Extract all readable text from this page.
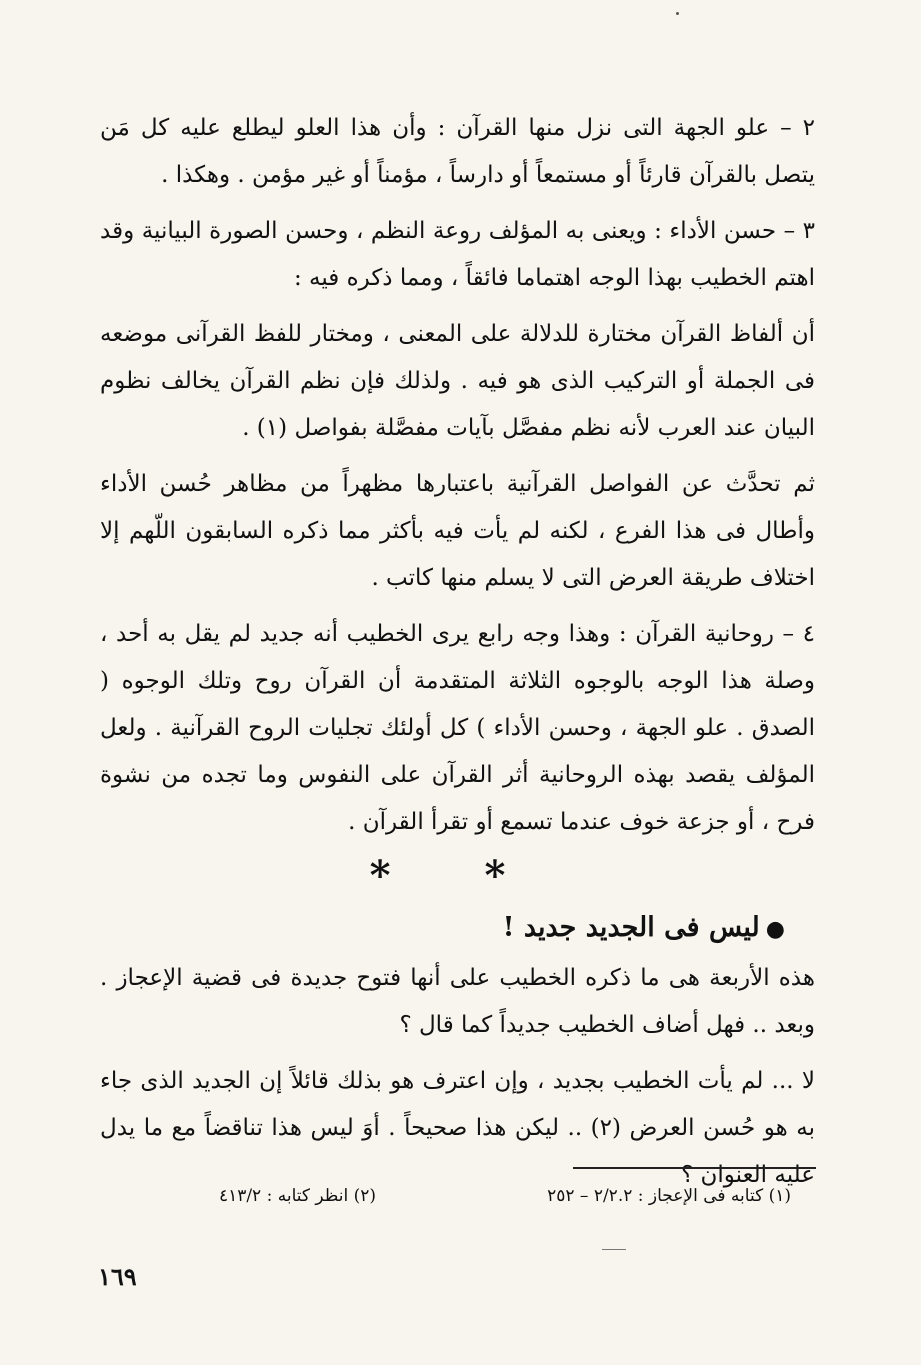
٢ – علو الجهة التى نزل منها القرآن : وأن هذا العلو ليطلع عليه كل مَن يتصل بالقرآن قارئاً أو مستمعاً أو دارساً ، مؤمناً أو غير مؤمن . وهكذا .

٣ – حسن الأداء : ويعنى به المؤلف روعة النظم ، وحسن الصورة البيانية وقد اهتم الخطيب بهذا الوجه اهتماما فائقاً ، ومما ذكره فيه :

أن ألفاظ القرآن مختارة للدلالة على المعنى ، ومختار للفظ القرآنى موضعه فى الجملة أو التركيب الذى هو فيه . ولذلك فإن نظم القرآن يخالف نظوم البيان عند العرب لأنه نظم مفصَّل بآيات مفصَّلة بفواصل (١) .

ثم تحدَّث عن الفواصل القرآنية باعتبارها مظهراً من مظاهر حُسن الأداء وأطال فى هذا الفرع ، لكنه لم يأت فيه بأكثر مما ذكره السابقون اللّهم إلا اختلاف طريقة العرض التى لا يسلم منها كاتب .

٤ – روحانية القرآن : وهذا وجه رابع يرى الخطيب أنه جديد لم يقل به أحد ، وصلة هذا الوجه بالوجوه الثلاثة المتقدمة أن القرآن روح وتلك الوجوه ( الصدق . علو الجهة ، وحسن الأداء ) كل أولئك تجليات الروح القرآنية . ولعل المؤلف يقصد بهذه الروحانية أثر القرآن على النفوس وما تجده من نشوة فرح ، أو جزعة خوف عندما تسمع أو تقرأ القرآن .

* *
●ليس فى الجديد جديد !

هذه الأربعة هى ما ذكره الخطيب على أنها فتوح جديدة فى قضية الإعجاز . وبعد .. فهل أضاف الخطيب جديداً كما قال ؟

لا ... لم يأت الخطيب بجديد ، وإن اعترف هو بذلك قائلاً إن الجديد الذى جاء به هو حُسن العرض (٢) .. ليكن هذا صحيحاً . أوَ ليس هذا تناقضاً مع ما يدل عليه العنوان ؟

(١) كتابه فى الإعجاز : ٢/٢.٢ – ٢٥٢
(٢) انظر كتابه : ٤١٣/٢
١٦٩
